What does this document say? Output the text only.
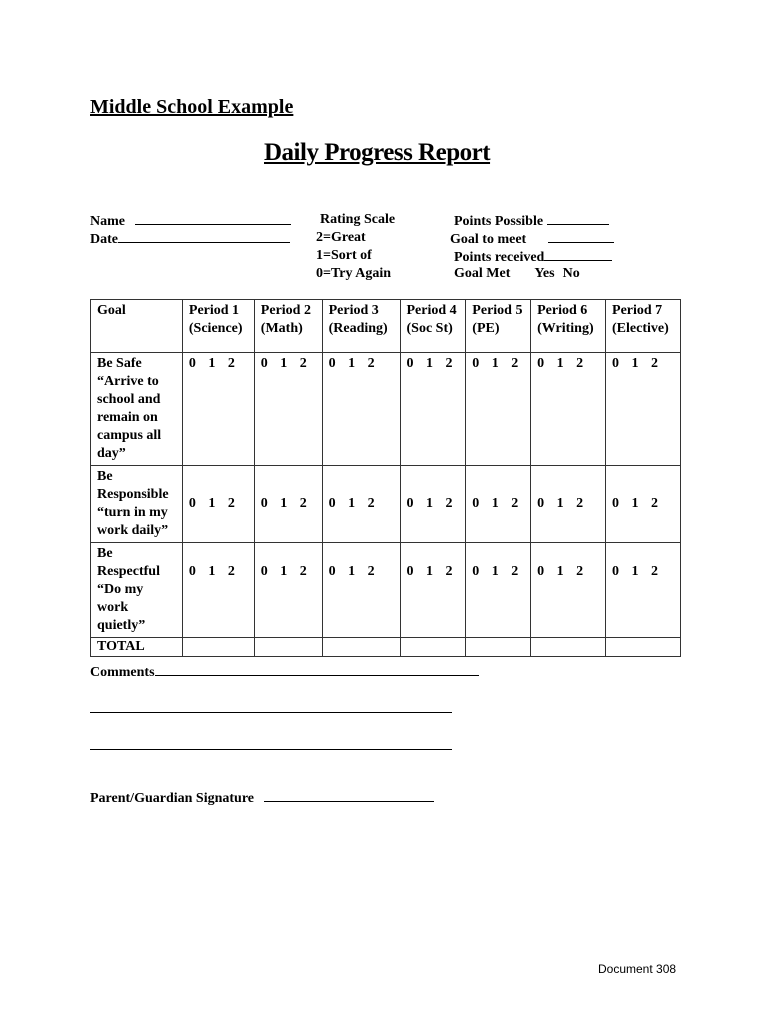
Middle School Example
Daily Progress Report
Name
Date
Rating Scale
2=Great
1=Sort of
0=Try Again
Points Possible
Goal to meet
Points received
Goal Met Yes No
Goal	Period 1 (Science)	Period 2 (Math)	Period 3 (Reading)	Period 4 (Soc St)	Period 5 (PE)	Period 6 (Writing)	Period 7 (Elective)
Be Safe “Arrive to school and remain on campus all day”	0 1 2	0 1 2	0 1 2	0 1 2	0 1 2	0 1 2	0 1 2
Be Responsible “turn in my work daily”	0 1 2	0 1 2	0 1 2	0 1 2	0 1 2	0 1 2	0 1 2
Be Respectful “Do my work quietly”	0 1 2	0 1 2	0 1 2	0 1 2	0 1 2	0 1 2	0 1 2
TOTAL							
Comments
Parent/Guardian Signature
Document 308
